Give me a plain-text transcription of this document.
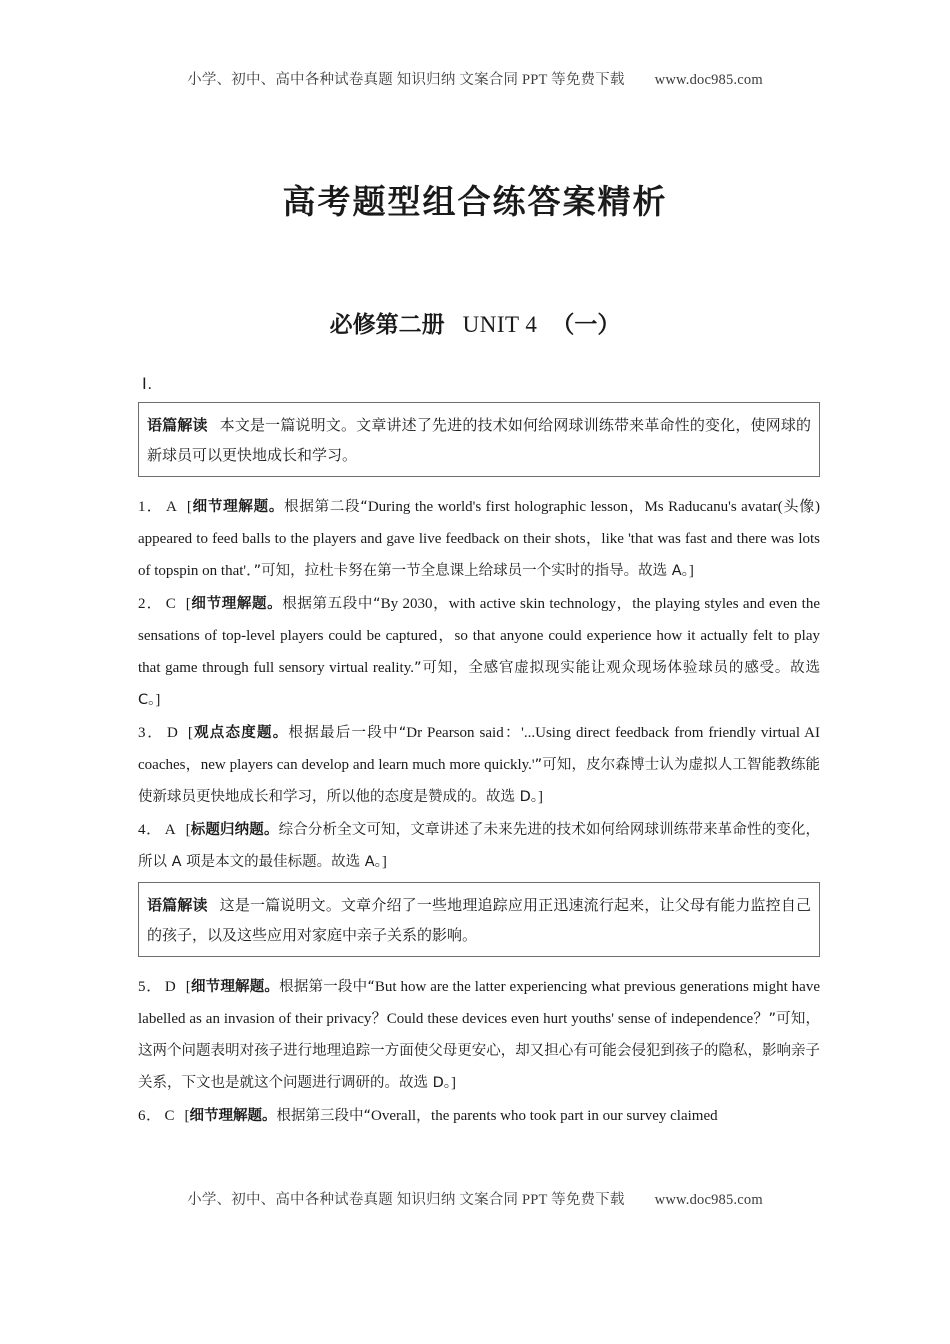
小学、初中、高中各种试卷真题 知识归纳 文案合同 PPT 等免费下载 www.doc985.com
高考题型组合练答案精析
必修第二册 UNIT 4 （一）
Ⅰ.
语篇解读 本文是一篇说明文。文章讲述了先进的技术如何给网球训练带来革命性的变化，使网球的新球员可以更快地成长和学习。
1． A [细节理解题。根据第二段“During the world's first holographic lesson，Ms Raducanu's avatar(头像) appeared to feed balls to the players and gave live feedback on their shots，like 'that was fast and there was lots of topspin on that'．”可知，拉杜卡努在第一节全息课上给球员一个实时的指导。故选 A。]
2． C [细节理解题。根据第五段中“By 2030，with active skin technology，the playing styles and even the sensations of top-level players could be captured，so that anyone could experience how it actually felt to play that game through full sensory virtual reality.”可知，全感官虚拟现实能让观众现场体验球员的感受。故选 C。]
3． D [观点态度题。根据最后一段中“Dr Pearson said：'...Using direct feedback from friendly virtual AI coaches，new players can develop and learn much more quickly.'”可知，皮尔森博士认为虚拟人工智能教练能使新球员更快地成长和学习，所以他的态度是赞成的。故选 D。]
4． A [标题归纳题。综合分析全文可知，文章讲述了未来先进的技术如何给网球训练带来革命性的变化，所以 A 项是本文的最佳标题。故选 A。]
语篇解读 这是一篇说明文。文章介绍了一些地理追踪应用正迅速流行起来，让父母有能力监控自己的孩子，以及这些应用对家庭中亲子关系的影响。
5． D [细节理解题。根据第一段中“But how are the latter experiencing what previous generations might have labelled as an invasion of their privacy？Could these devices even hurt youths' sense of independence？”可知，这两个问题表明对孩子进行地理追踪一方面使父母更安心，却又担心有可能会侵犯到孩子的隐私，影响亲子关系，下文也是就这个问题进行调研的。故选 D。]
6． C [细节理解题。根据第三段中“Overall，the parents who took part in our survey claimed
小学、初中、高中各种试卷真题 知识归纳 文案合同 PPT 等免费下载 www.doc985.com
